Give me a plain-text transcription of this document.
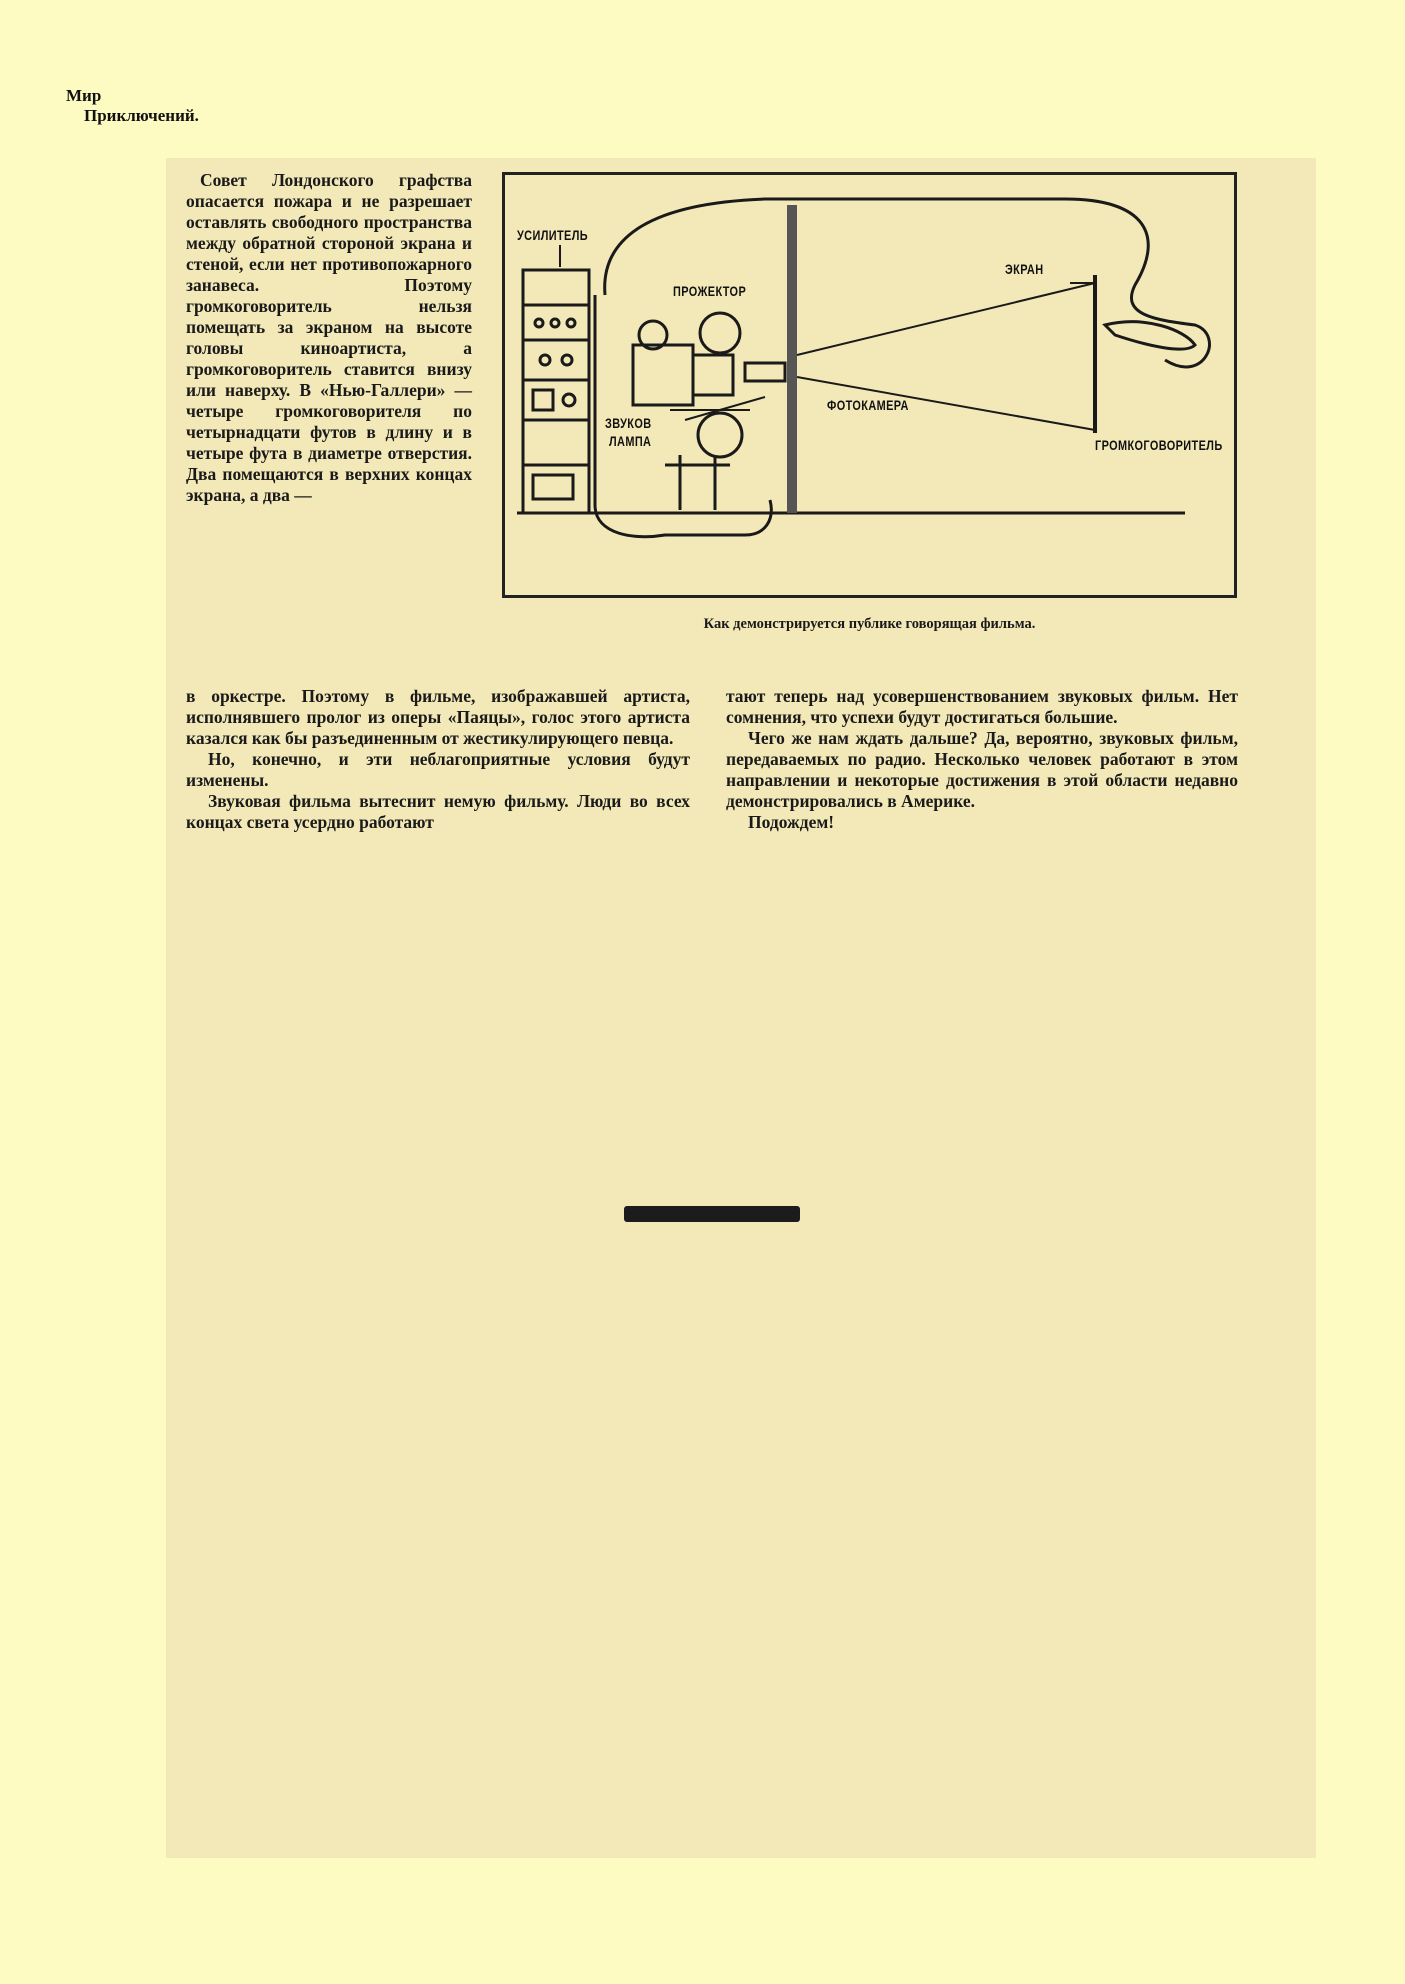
Мир
Приключений.

Совет Лондонского графства опасается пожара и не разрешает оставлять свободного пространства между обратной стороной экрана и стеной, если нет противопожарного занавеса. Поэтому громкоговоритель нельзя помещать за экраном на высоте головы киноартиста, а громкоговоритель ставится внизу или наверху. В «Нью-Галлери» — четыре громкоговорителя по четырнадцати футов в длину и в четыре фута в диаметре отверстия. Два помещаются в верхних концах экрана, а два —

УСИЛИТЕЛЬ
ПРОЖЕКТОР
ЭКРАН
ФОТОКАМЕРА
ЗВУКОВ
ЛАМПА	ГРОМКОГОВОРИТЕЛЬ
Как демонстрируется публике говорящая фильма.

в оркестре. Поэтому в фильме, изображавшей артиста, исполнявшего пролог из оперы «Паяцы», голос этого артиста казался как бы разъединенным от жестикулирующего певца.

Но, конечно, и эти неблагоприятные условия будут изменены.

Звуковая фильма вытеснит немую фильму. Люди во всех концах света усердно работают

тают теперь над усовершенствованием звуковых фильм. Нет сомнения, что успехи будут достигаться большие.

Чего же нам ждать дальше? Да, вероятно, звуковых фильм, передаваемых по радио. Несколько человек работают в этом направлении и некоторые достижения в этой области недавно демонстрировались в Америке.

Подождем!
